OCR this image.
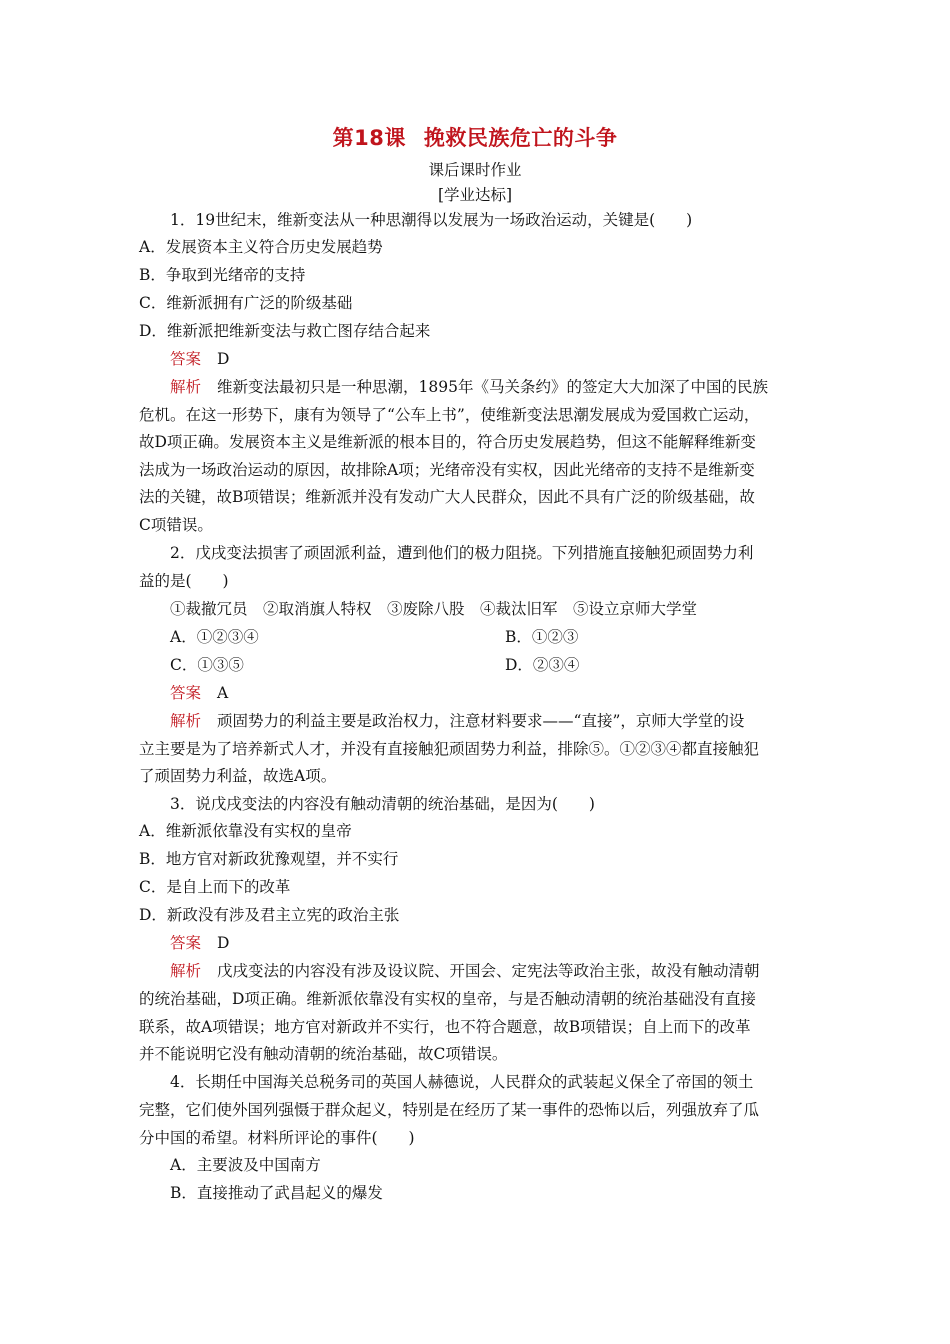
第18课 挽救民族危亡的斗争
课后课时作业
[学业达标]
1．19世纪末，维新变法从一种思潮得以发展为一场政治运动，关键是(　　)
A．发展资本主义符合历史发展趋势
B．争取到光绪帝的支持
C．维新派拥有广泛的阶级基础
D．维新派把维新变法与救亡图存结合起来
答案 D
解析 维新变法最初只是一种思潮，1895年《马关条约》的签定大大加深了中国的民族
危机。在这一形势下，康有为领导了“公车上书”，使维新变法思潮发展成为爱国救亡运动，
故D项正确。发展资本主义是维新派的根本目的，符合历史发展趋势，但这不能解释维新变
法成为一场政治运动的原因，故排除A项；光绪帝没有实权，因此光绪帝的支持不是维新变
法的关键，故B项错误；维新派并没有发动广大人民群众，因此不具有广泛的阶级基础，故
C项错误。
2．戊戌变法损害了顽固派利益，遭到他们的极力阻挠。下列措施直接触犯顽固势力利
益的是(　　)
①裁撤冗员　②取消旗人特权　③废除八股　④裁汰旧军　⑤设立京师大学堂
A．①②③④	B．①②③
C．①③⑤	D．②③④
答案 A
解析 顽固势力的利益主要是政治权力，注意材料要求——“直接”，京师大学堂的设
立主要是为了培养新式人才，并没有直接触犯顽固势力利益，排除⑤。①②③④都直接触犯
了顽固势力利益，故选A项。
3．说戊戌变法的内容没有触动清朝的统治基础，是因为(　　)
A．维新派依靠没有实权的皇帝
B．地方官对新政犹豫观望，并不实行
C．是自上而下的改革
D．新政没有涉及君主立宪的政治主张
答案 D
解析 戊戌变法的内容没有涉及设议院、开国会、定宪法等政治主张，故没有触动清朝
的统治基础，D项正确。维新派依靠没有实权的皇帝，与是否触动清朝的统治基础没有直接
联系，故A项错误；地方官对新政并不实行，也不符合题意，故B项错误；自上而下的改革
并不能说明它没有触动清朝的统治基础，故C项错误。
4．长期任中国海关总税务司的英国人赫德说，人民群众的武装起义保全了帝国的领土
完整，它们使外国列强慑于群众起义，特别是在经历了某一事件的恐怖以后，列强放弃了瓜
分中国的希望。材料所评论的事件(　　)
A．主要波及中国南方
B．直接推动了武昌起义的爆发
